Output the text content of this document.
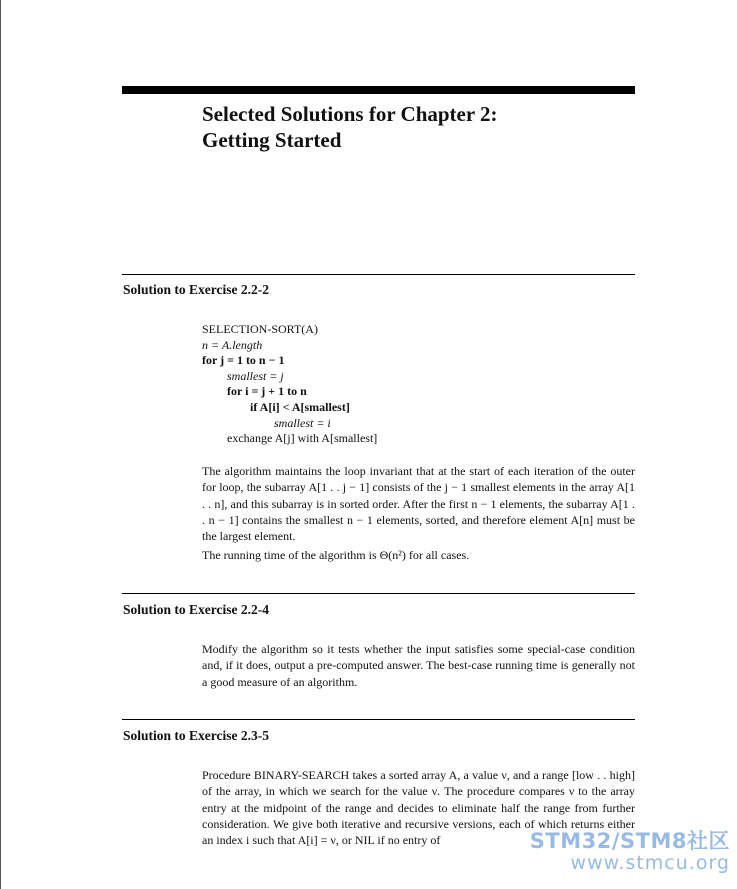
Selected Solutions for Chapter 2:
Getting Started
Solution to Exercise 2.2-2
SELECTION-SORT(A)
n = A.length
for j = 1 to n − 1
smallest = j
for i = j + 1 to n
if A[i] < A[smallest]
smallest = i
exchange A[j] with A[smallest]

The algorithm maintains the loop invariant that at the start of each iteration of the outer for loop, the subarray A[1 . . j − 1] consists of the j − 1 smallest elements in the array A[1 . . n], and this subarray is in sorted order. After the first n − 1 elements, the subarray A[1 . . n − 1] contains the smallest n − 1 elements, sorted, and therefore element A[n] must be the largest element.

The running time of the algorithm is Θ(n²) for all cases.

Solution to Exercise 2.2-4

Modify the algorithm so it tests whether the input satisfies some special-case condition and, if it does, output a pre-computed answer. The best-case running time is generally not a good measure of an algorithm.

Solution to Exercise 2.3-5

Procedure BINARY-SEARCH takes a sorted array A, a value ν, and a range [low . . high] of the array, in which we search for the value ν. The procedure compares ν to the array entry at the midpoint of the range and decides to eliminate half the range from further consideration. We give both iterative and recursive versions, each of which returns either an index i such that A[i] = ν, or NIL if no entry of	STM32/STM8社区
www.stmcu.org
